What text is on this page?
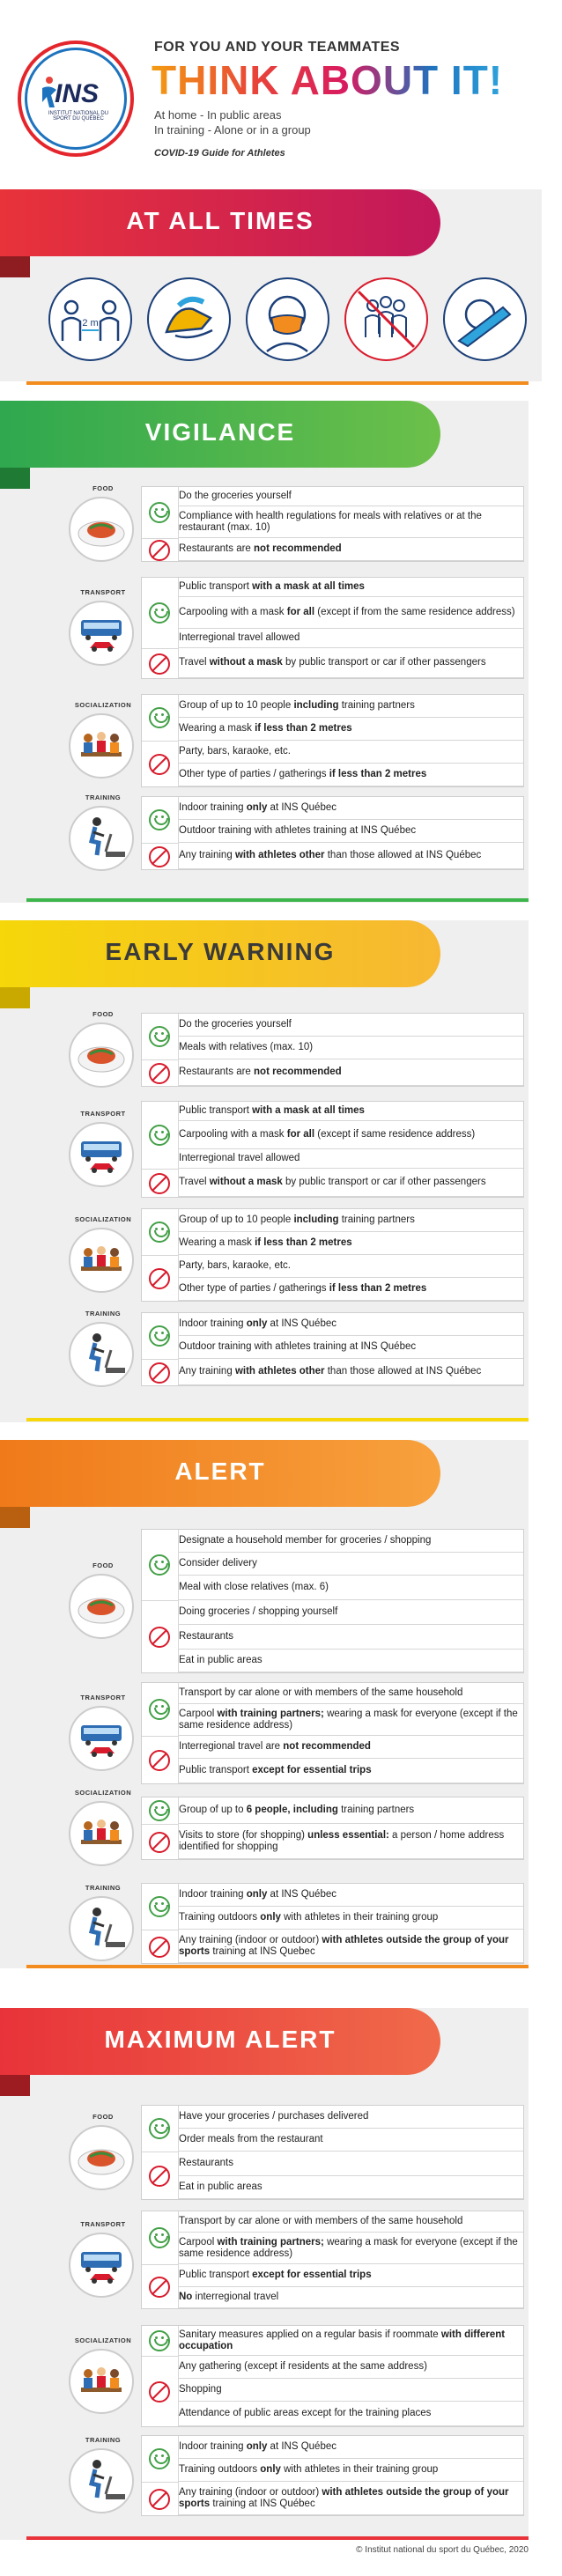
INS
INSTITUT NATIONAL DU SPORT DU QUÉBEC
FOR YOU AND YOUR TEAMMATES
THINK ABOUT IT!
At home - In public areas
In training - Alone or in a group
COVID-19 Guide for Athletes
AT ALL TIMES
2 m
VIGILANCE
EARLY WARNING
ALERT
MAXIMUM ALERT
FOOD
Do the groceries yourself
Compliance with health regulations for meals with relatives or at the restaurant (max. 10)
Restaurants are not recommended
TRANSPORT
Public transport with a mask at all times
Carpooling with a mask for all (except if from the same residence address)
Interregional travel allowed
Travel without a mask by public transport or car if other passengers
SOCIALIZATION	Group of up to 10 people including training partners
Wearing a mask if less than 2 metres
Party, bars, karaoke, etc.
Other type of parties / gatherings if less than 2 metres
TRAINING
Indoor training only at INS Québec
Outdoor training with athletes training at INS Québec
Any training with athletes other than those allowed at INS Québec
FOOD
Do the groceries yourself
Meals with relatives (max. 10)
Restaurants are not recommended
TRANSPORT	Public transport with a mask at all times
Carpooling with a mask for all (except if same residence address)
Interregional travel allowed
Travel without a mask by public transport or car if other passengers
SOCIALIZATION	Group of up to 10 people including training partners
Wearing a mask if less than 2 metres
Party, bars, karaoke, etc.
Other type of parties / gatherings if less than 2 metres
TRAINING
Indoor training only at INS Québec
Outdoor training with athletes training at INS Québec
Any training with athletes other than those allowed at INS Québec
FOOD
Designate a household member for groceries / shopping
Consider delivery
Meal with close relatives (max. 6)
Doing groceries / shopping yourself
Restaurants
Eat in public areas
TRANSPORT	Transport by car alone or with members of the same household
Carpool with training partners; wearing a mask for everyone (except if the same residence address)
Interregional travel are not recommended
Public transport except for essential trips
SOCIALIZATION
Group of up to 6 people, including training partners
Visits to store (for shopping) unless essential: a person / home address identified for shopping
TRAINING
Indoor training only at INS Québec
Training outdoors only with athletes in their training group
Any training (indoor or outdoor) with athletes outside the group of your sports training at INS Quebec
FOOD	Have your groceries / purchases delivered
Order meals from the restaurant
Restaurants
Eat in public areas
TRANSPORT	Transport by car alone or with members of the same household
Carpool with training partners; wearing a mask for everyone (except if the same residence address)
Public transport except for essential trips
No interregional travel
SOCIALIZATION
Sanitary measures applied on a regular basis if roommate with different occupation
Any gathering (except if residents at the same address)
Shopping
Attendance of public areas except for the training places
TRAINING
Indoor training only at INS Québec
Training outdoors only with athletes in their training group
Any training (indoor or outdoor) with athletes outside the group of your sports training at INS Québec
© Institut national du sport du Québec, 2020
